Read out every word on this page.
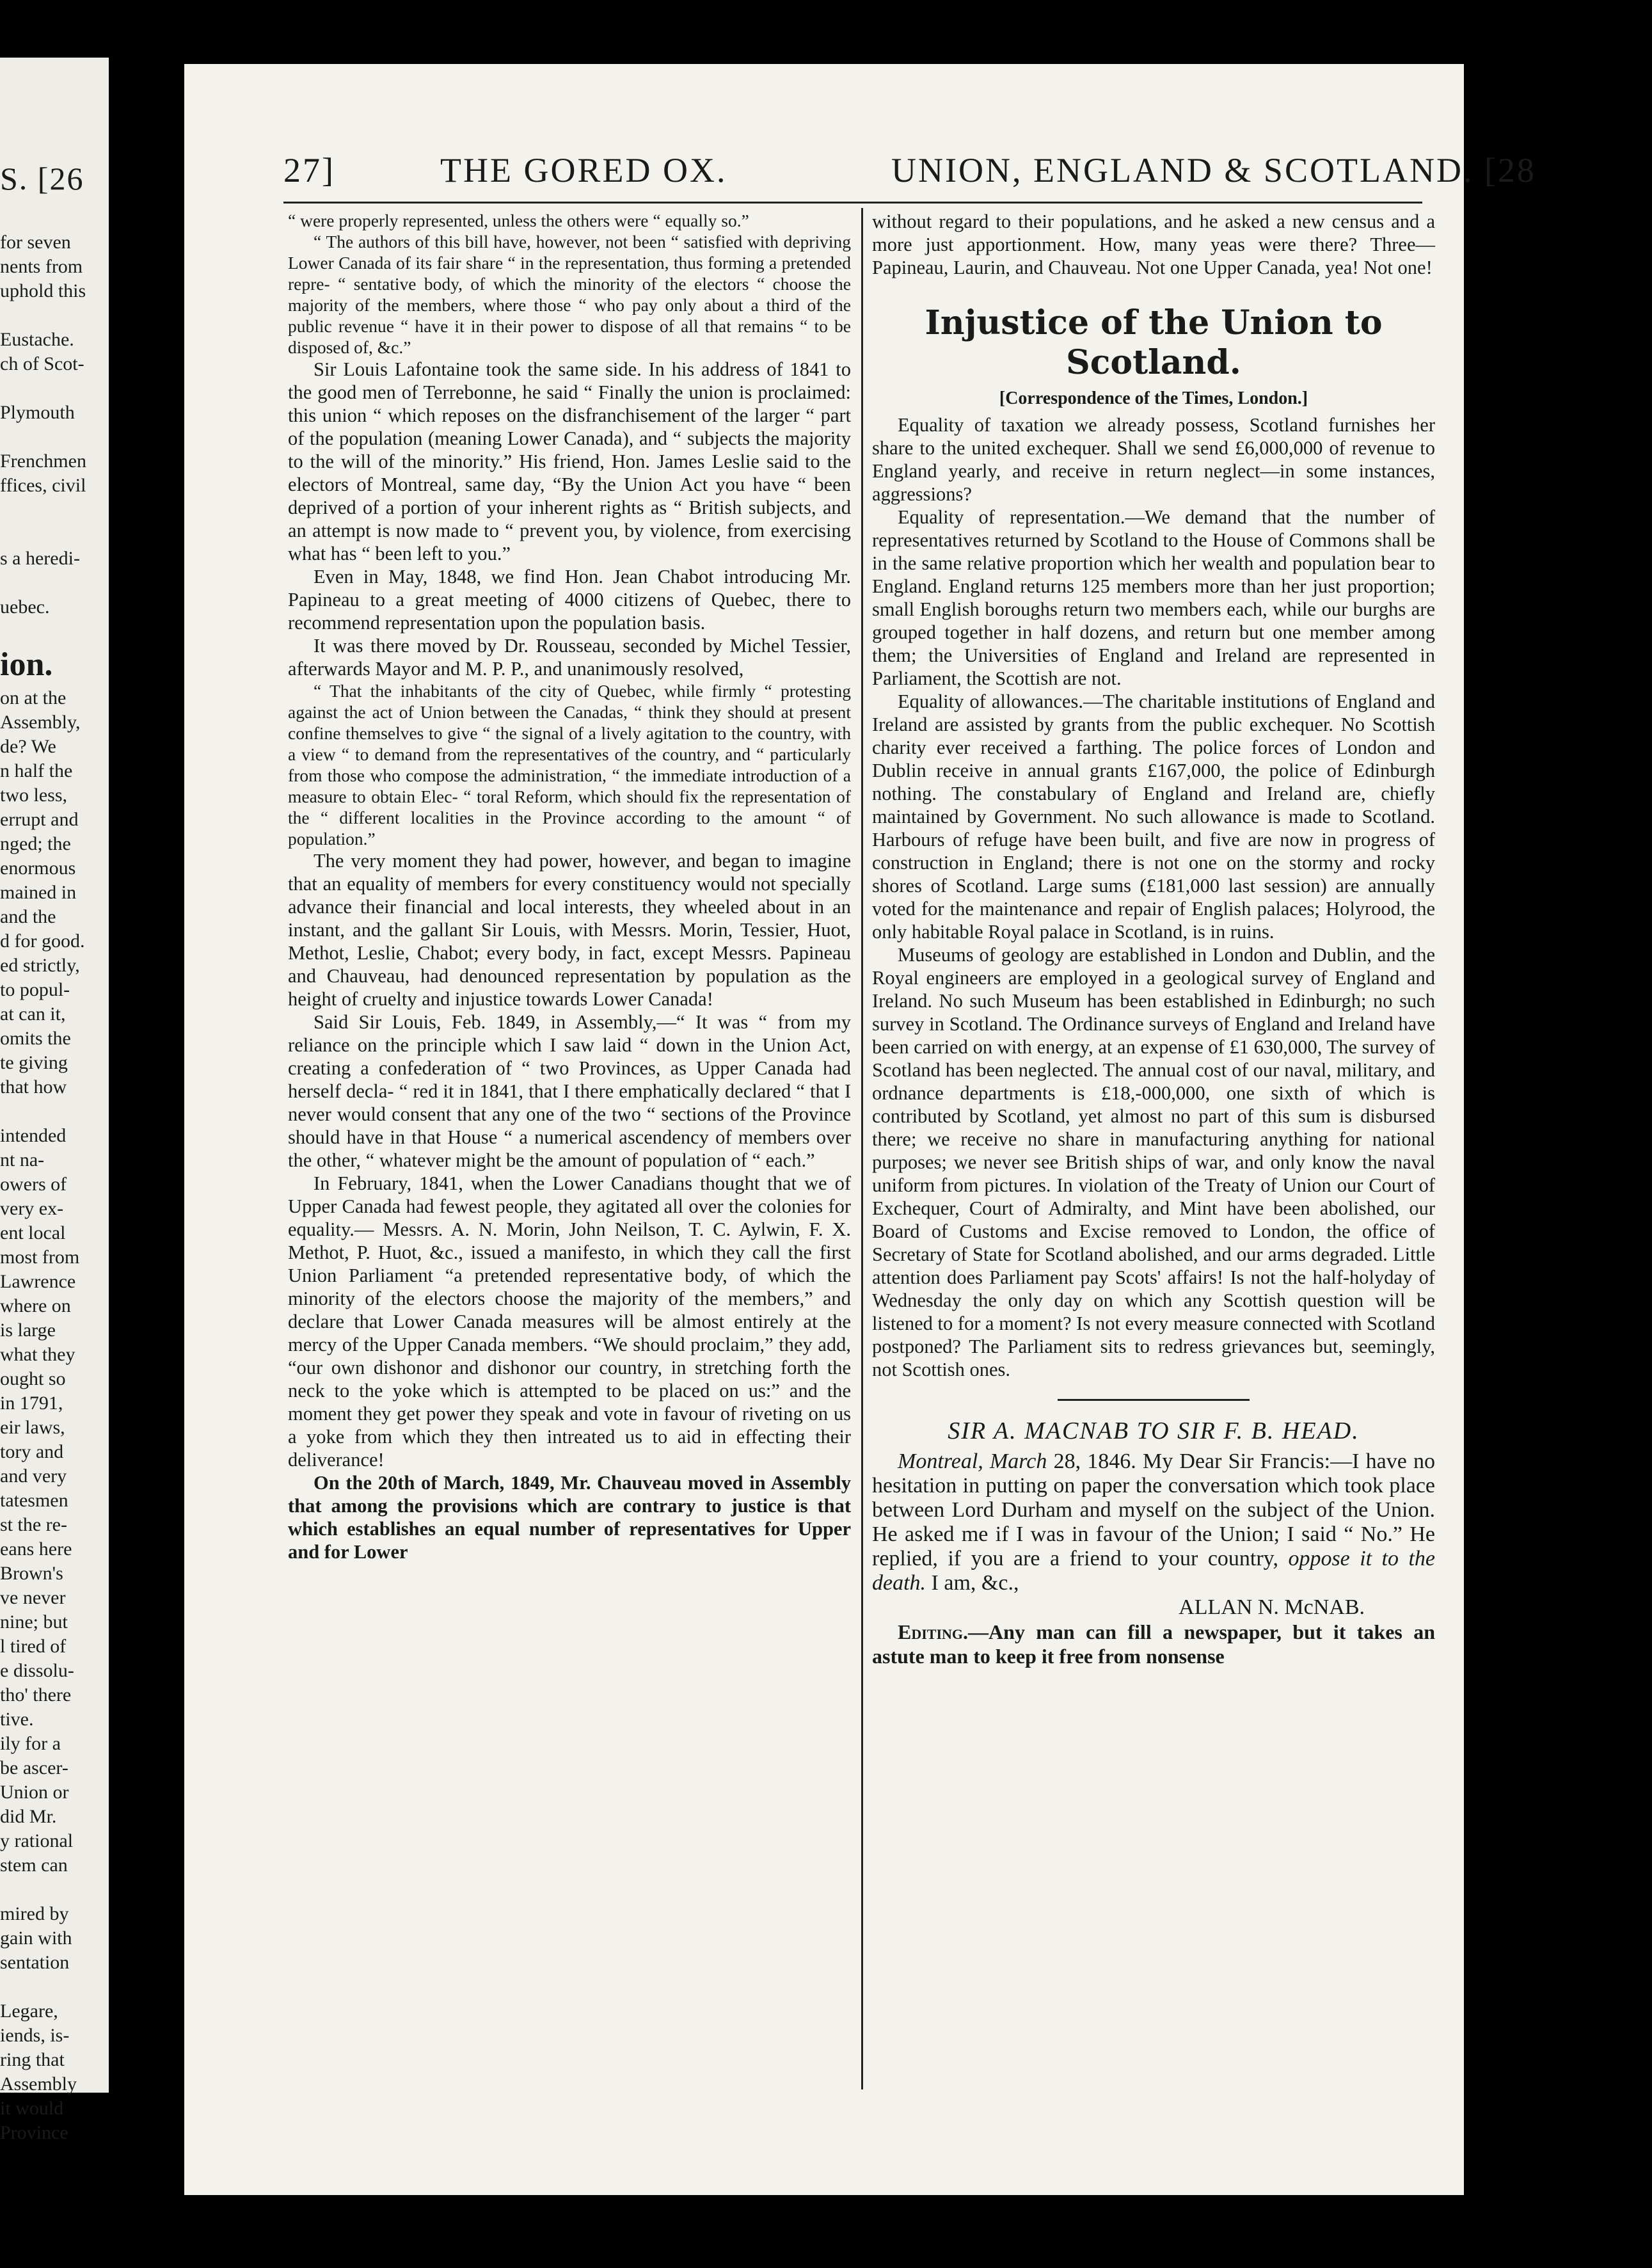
S. [26
for seven
nents from
uphold this
Eustache.
ch of Scot-
Plymouth
Frenchmen
ffices, civil
s a heredi-
uebec.
ion.
on at the
Assembly,
de? We
n half the
two less,
errupt and
nged; the
enormous
mained in
and the
d for good.
ed strictly,
to popul-
at can it,
omits the
te giving
that how
intended
nt na-
owers of
very ex-
ent local
most from
Lawrence
where on
is large
what they
ought so
in 1791,
eir laws,
tory and
and very
tatesmen
st the re-
eans here
Brown's
ve never
nine; but
l tired of
e dissolu-
tho' there
tive.
ily for a
be ascer-
Union or
did Mr.
y rational
stem can
mired by
gain with
sentation
Legare,
iends, is-
ring that
Assembly
it would
Province
27]	THE GORED OX.	UNION, ENGLAND & SCOTLAND. [28

“ were properly represented, unless the others were “ equally so.”

“ The authors of this bill have, however, not been “ satisfied with depriving Lower Canada of its fair share “ in the representation, thus forming a pretended repre- “ sentative body, of which the minority of the electors “ choose the majority of the members, where those “ who pay only about a third of the public revenue “ have it in their power to dispose of all that remains “ to be disposed of, &c.”

Sir Louis Lafontaine took the same side. In his address of 1841 to the good men of Terrebonne, he said “ Finally the union is proclaimed: this union “ which reposes on the disfranchisement of the larger “ part of the population (meaning Lower Canada), and “ subjects the majority to the will of the minority.” His friend, Hon. James Leslie said to the electors of Montreal, same day, “By the Union Act you have “ been deprived of a portion of your inherent rights as “ British subjects, and an attempt is now made to “ prevent you, by violence, from exercising what has “ been left to you.”

Even in May, 1848, we find Hon. Jean Chabot introducing Mr. Papineau to a great meeting of 4000 citizens of Quebec, there to recommend representation upon the population basis.

It was there moved by Dr. Rousseau, seconded by Michel Tessier, afterwards Mayor and M. P. P., and unanimously resolved,

“ That the inhabitants of the city of Quebec, while firmly “ protesting against the act of Union between the Canadas, “ think they should at present confine themselves to give “ the signal of a lively agitation to the country, with a view “ to demand from the representatives of the country, and “ particularly from those who compose the administration, “ the immediate introduction of a measure to obtain Elec- “ toral Reform, which should fix the representation of the “ different localities in the Province according to the amount “ of population.”

The very moment they had power, however, and began to imagine that an equality of members for every constituency would not specially advance their financial and local interests, they wheeled about in an instant, and the gallant Sir Louis, with Messrs. Morin, Tessier, Huot, Methot, Leslie, Chabot; every body, in fact, except Messrs. Papineau and Chauveau, had denounced representation by population as the height of cruelty and injustice towards Lower Canada!

Said Sir Louis, Feb. 1849, in Assembly,—“ It was “ from my reliance on the principle which I saw laid “ down in the Union Act, creating a confederation of “ two Provinces, as Upper Canada had herself decla- “ red it in 1841, that I there emphatically declared “ that I never would consent that any one of the two “ sections of the Province should have in that House “ a numerical ascendency of members over the other, “ whatever might be the amount of population of “ each.”

In February, 1841, when the Lower Canadians thought that we of Upper Canada had fewest people, they agitated all over the colonies for equality.— Messrs. A. N. Morin, John Neilson, T. C. Aylwin, F. X. Methot, P. Huot, &c., issued a manifesto, in which they call the first Union Parliament “a pretended representative body, of which the minority of the electors choose the majority of the members,” and declare that Lower Canada measures will be almost entirely at the mercy of the Upper Canada members. “We should proclaim,” they add, “our own dishonor and dishonor our country, in stretching forth the neck to the yoke which is attempted to be placed on us:” and the moment they get power they speak and vote in favour of riveting on us a yoke from which they then intreated us to aid in effecting their deliverance!

On the 20th of March, 1849, Mr. Chauveau moved in Assembly that among the provisions which are contrary to justice is that which establishes an equal number of representatives for Upper and for Lower

without regard to their populations, and he asked a new census and a more just apportionment. How, many yeas were there? Three—Papineau, Laurin, and Chauveau. Not one Upper Canada, yea! Not one!

Injustice of the Union to Scotland.
[Correspondence of the Times, London.]

Equality of taxation we already possess, Scotland furnishes her share to the united exchequer. Shall we send £6,000,000 of revenue to England yearly, and receive in return neglect—in some instances, aggressions?

Equality of representation.—We demand that the number of representatives returned by Scotland to the House of Commons shall be in the same relative proportion which her wealth and population bear to England. England returns 125 members more than her just proportion; small English boroughs return two members each, while our burghs are grouped together in half dozens, and return but one member among them; the Universities of England and Ireland are represented in Parliament, the Scottish are not.

Equality of allowances.—The charitable institutions of England and Ireland are assisted by grants from the public exchequer. No Scottish charity ever received a farthing. The police forces of London and Dublin receive in annual grants £167,000, the police of Edinburgh nothing. The constabulary of England and Ireland are, chiefly maintained by Government. No such allowance is made to Scotland. Harbours of refuge have been built, and five are now in progress of construction in England; there is not one on the stormy and rocky shores of Scotland. Large sums (£181,000 last session) are annually voted for the maintenance and repair of English palaces; Holyrood, the only habitable Royal palace in Scotland, is in ruins.

Museums of geology are established in London and Dublin, and the Royal engineers are employed in a geological survey of England and Ireland. No such Museum has been established in Edinburgh; no such survey in Scotland. The Ordinance surveys of England and Ireland have been carried on with energy, at an expense of £1 630,000, The survey of Scotland has been neglected. The annual cost of our naval, military, and ordnance departments is £18,-000,000, one sixth of which is contributed by Scotland, yet almost no part of this sum is disbursed there; we receive no share in manufacturing anything for national purposes; we never see British ships of war, and only know the naval uniform from pictures. In violation of the Treaty of Union our Court of Exchequer, Court of Admiralty, and Mint have been abolished, our Board of Customs and Excise removed to London, the office of Secretary of State for Scotland abolished, and our arms degraded. Little attention does Parliament pay Scots' affairs! Is not the half-holyday of Wednesday the only day on which any Scottish question will be listened to for a moment? Is not every measure connected with Scotland postponed? The Parliament sits to redress grievances but, seemingly, not Scottish ones.

SIR A. MACNAB TO SIR F. B. HEAD.

Montreal, March 28, 1846. My Dear Sir Francis:—I have no hesitation in putting on paper the conversation which took place between Lord Durham and myself on the subject of the Union. He asked me if I was in favour of the Union; I said “ No.” He replied, if you are a friend to your country, oppose it to the death. I am, &c.,

ALLAN N. McNAB.

Editing.—Any man can fill a newspaper, but it takes an astute man to keep it free from nonsense
